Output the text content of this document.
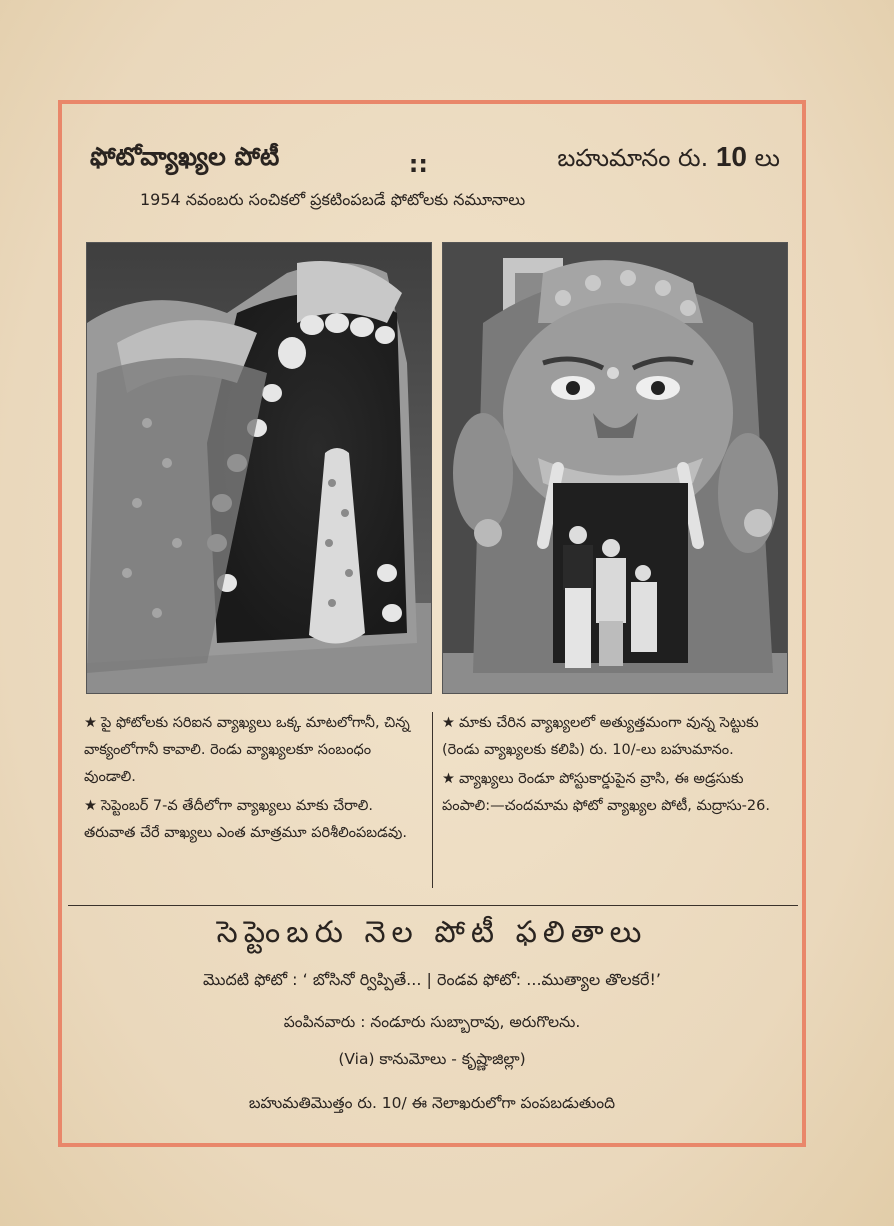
ఫోటోవ్యాఖ్యల పోటీ	::	బహుమానం రు. 10 లు
1954 నవంబరు సంచికలో ప్రకటింపబడే ఫోటోలకు నమూనాలు
★ పై ఫోటోలకు సరిఐన వ్యాఖ్యలు ఒక్క మాటలోగానీ, చిన్న వాక్యంలోగానీ కావాలి. రెండు వ్యాఖ్యలకూ సంబంధం వుండాలి.
★ సెప్టెంబర్ 7-వ తేదీలోగా వ్యాఖ్యలు మాకు చేరాలి. తరువాత చేరే వాఖ్యలు ఎంత మాత్రమూ పరిశీలింపబడవు.
★ మాకు చేరిన వ్యాఖ్యలలో అత్యుత్తమంగా వున్న సెట్టుకు (రెండు వ్యాఖ్యలకు కలిపి) రు. 10/-లు బహుమానం.
★ వ్యాఖ్యలు రెండూ పోస్టుకార్డుపైన వ్రాసి, ఈ అడ్రసుకు పంపాలి:—చందమామ ఫోటో వ్యాఖ్యల పోటీ, మద్రాసు-26.
సెప్టెంబరు నెల పోటీ ఫలితాలు
మొదటి ఫోటో : ‘ బోసినో ర్విప్పితే... | రెండవ ఫోటో: ...ముత్యాల తొలకరే!’
పంపినవారు : నండూరు సుబ్బారావు, అరుగొలను.
(Via) కానుమోలు - కృష్ణాజిల్లా)
బహుమతిమొత్తం రు. 10/ ఈ నెలాఖరులోగా పంపబడుతుంది
